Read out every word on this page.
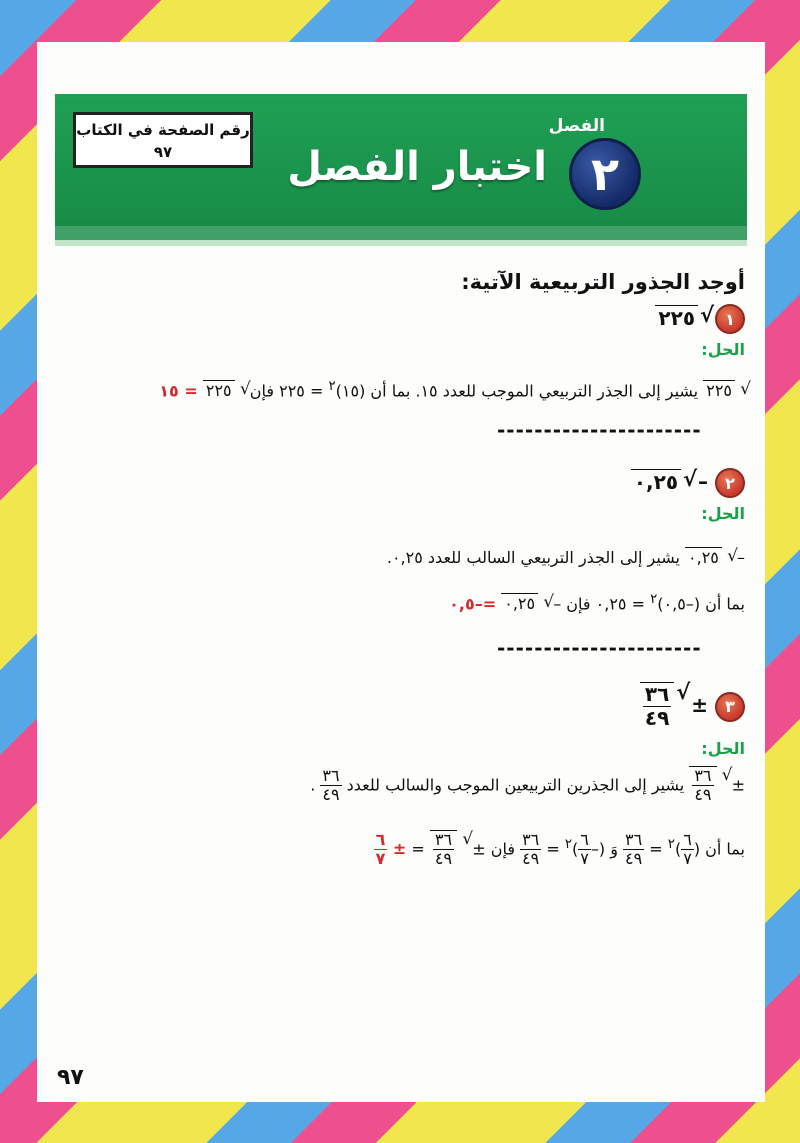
الفصل
٢
اختبار الفصل
رقم الصفحة في الكتاب
٩٧
أوجد الجذور التربيعية الآتية:
١ ٢٢٥ √
الحل:
٢٢٥ √ يشير إلى الجذر التربيعي الموجب للعدد ١٥. بما أن (١٥)$^٢$ = ٢٢٥ فإن ٢٢٥ √ = ١٥
----------------------
٢ – ٠,٢٥ √
الحل:
– ٠,٢٥ √ يشير إلى الجذر التربيعي السالب للعدد ٠,٢٥.
بما أن (–٠,٥)$^٢$ = ٠,٢٥ فإن – ٠,٢٥ √ =–٠,٥
----------------------
٣ ±
$\frac{٣٦}{٤٩}$
√
الحل:
±
$\frac{٣٦}{٤٩}$
√ يشير إلى الجذرين التربيعين الموجب والسالب للعدد
$\frac{٣٦}{٤٩}$
.
بما أن (
$\frac{٦}{٧}$
)$^٢$ =
$\frac{٣٦}{٤٩}$
وَ (–
$\frac{٦}{٧}$
)$^٢$ =
$\frac{٣٦}{٤٩}$
فإن ±
$\frac{٣٦}{٤٩}$
√ = ±
$\frac{٦}{٧}$
٩٧
